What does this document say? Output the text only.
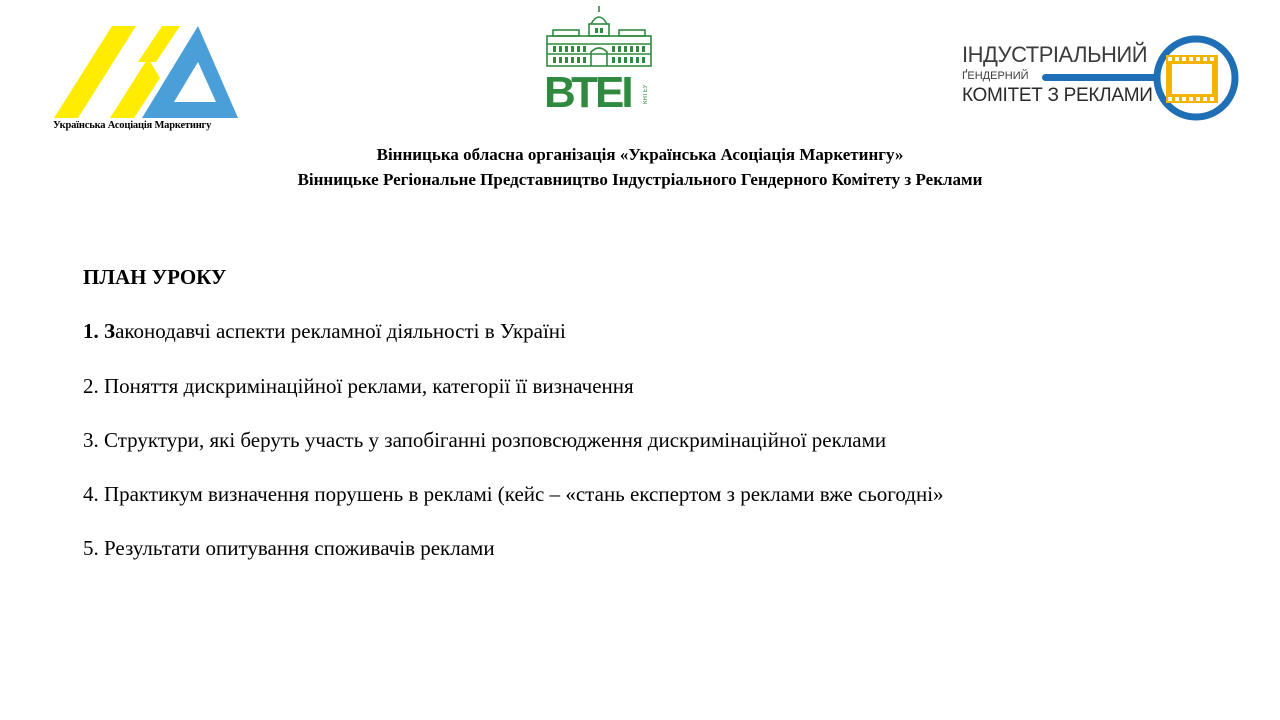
Українська Асоціація Маркетингу
ВТЕІ	КНТЕУ
ІНДУСТРІАЛЬНИЙ
ҐЕНДЕРНИЙ
КОМІТЕТ З РЕКЛАМИ
Вінницька обласна організація «Українська Асоціація Маркетингу»
Вінницьке Регіональне Представництво Індустріального Гендерного Комітету з Реклами
ПЛАН УРОКУ
1. Законодавчі аспекти рекламної діяльності в Україні
2. Поняття дискримінаційної реклами, категорії її визначення
3. Структури, які беруть участь у запобіганні розповсюдження дискримінаційної реклами
4. Практикум визначення порушень в рекламі (кейс – «стань експертом з реклами вже сьогодні»
5. Результати опитування споживачів реклами
